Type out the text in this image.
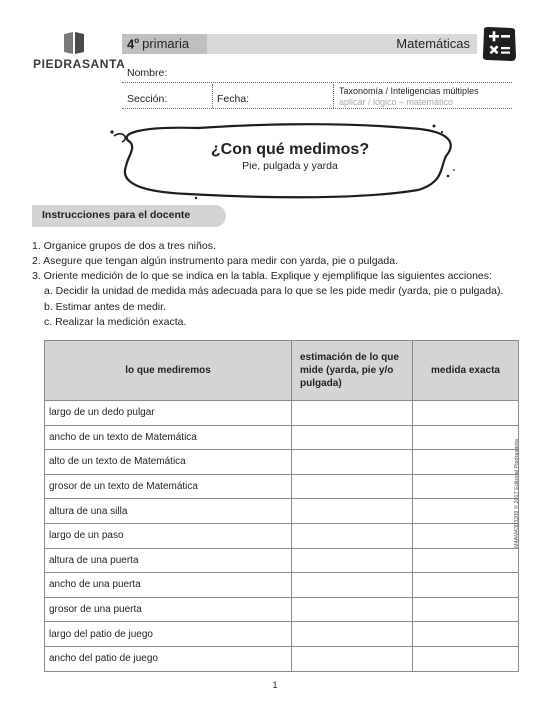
PIEDRASANTA
4$^o$ primaria	Matemáticas
Nombre:
Sección:	Fecha:
Taxonomía / Inteligencias múltiples
aplicar / lógico – matemático
¿Con qué medimos?
Pie, pulgada y yarda
Instrucciones para el docente
1. Organice grupos de dos a tres niños.
2. Asegure que tengan algún instrumento para medir con yarda, pie o pulgada.
3. Oriente medición de lo que se indica en la tabla. Explique y ejemplifique las siguientes acciones:
a. Decidir la unidad de medida más adecuada para lo que se les pide medir (yarda, pie o pulgada).
b. Estimar antes de medir.
c. Realizar la medición exacta.
lo que mediremos	estimación de lo que mide (yarda, pie y/o pulgada)	medida exacta
largo de un dedo pulgar		
ancho de un texto de Matemática		
alto de un texto de Matemática		
grosor de un texto de Matemática		
altura de una silla		
largo de un paso		
altura de una puerta		
ancho de una puerta		
grosor de una puerta		
largo del patio de juego		
ancho del patio de juego		
M4AM4303209 © 2017 Editorial Piedrasanta
1
